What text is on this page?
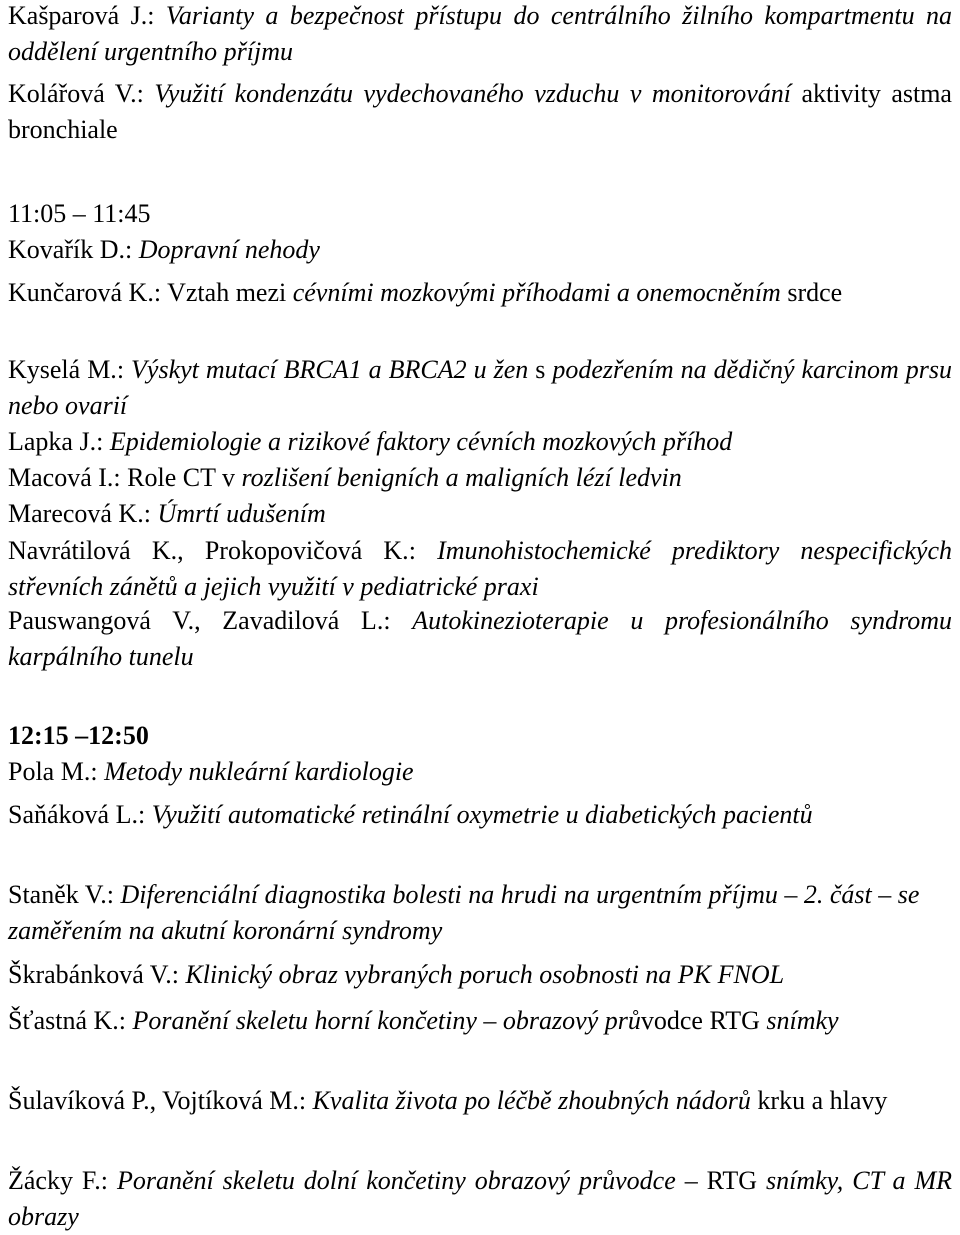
Kašparová J.: Varianty a bezpečnost přístupu do centrálního žilního kompartmentu na oddělení urgentního příjmu
Kolářová V.: Využití kondenzátu vydechovaného vzduchu v monitorování aktivity astma bronchiale
11:05 – 11:45
Kovařík D.: Dopravní nehody
Kunčarová K.: Vztah mezi cévními mozkovými příhodami a onemocněním srdce
Kyselá M.: Výskyt mutací BRCA1 a BRCA2 u žen s podezřením na dědičný karcinom prsu nebo ovarií
Lapka J.: Epidemiologie a rizikové faktory cévních mozkových příhod
Macová I.: Role CT v rozlišení benigních a maligních lézí ledvin
Marecová K.: Úmrtí udušením
Navrátilová K., Prokopovičová K.: Imunohistochemické prediktory nespecifických střevních zánětů a jejich využití v pediatrické praxi
Pauswangová V., Zavadilová L.: Autokinezioterapie u profesionálního syndromu karpálního tunelu
12:15 –12:50
Pola M.: Metody nukleární kardiologie
Saňáková L.: Využití automatické retinální oxymetrie u diabetických pacientů
Staněk V.: Diferenciální diagnostika bolesti na hrudi na urgentním příjmu – 2. část – se zaměřením na akutní koronární syndromy
Škrabánková V.: Klinický obraz vybraných poruch osobnosti na PK FNOL
Šťastná K.: Poranění skeletu horní končetiny – obrazový průvodce RTG snímky
Šulavíková P., Vojtíková M.: Kvalita života po léčbě zhoubných nádorů krku a hlavy
Žácky F.: Poranění skeletu dolní končetiny obrazový průvodce – RTG snímky, CT a MR obrazy
